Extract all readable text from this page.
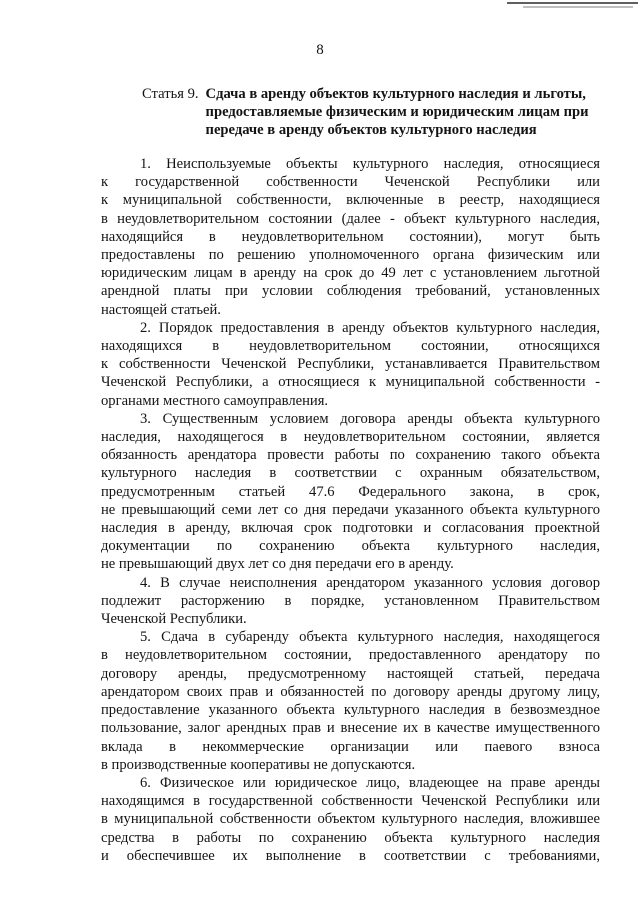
8
Статья 9. Сдача в аренду объектов культурного наследия и льготы, предоставляемые физическим и юридическим лицам при передаче в аренду объектов культурного наследия

1. Неиспользуемые объекты культурного наследия, относящиеся
к государственной собственности Чеченской Республики или
к муниципальной собственности, включенные в реестр, находящиеся
в неудовлетворительном состоянии (далее - объект культурного наследия,
находящийся в неудовлетворительном состоянии), могут быть
предоставлены по решению уполномоченного органа физическим или
юридическим лицам в аренду на срок до 49 лет с установлением льготной
арендной платы при условии соблюдения требований, установленных
настоящей статьей.

2. Порядок предоставления в аренду объектов культурного наследия,
находящихся в неудовлетворительном состоянии, относящихся
к собственности Чеченской Республики, устанавливается Правительством
Чеченской Республики, а относящиеся к муниципальной собственности -
органами местного самоуправления.

3. Существенным условием договора аренды объекта культурного
наследия, находящегося в неудовлетворительном состоянии, является
обязанность арендатора провести работы по сохранению такого объекта
культурного наследия в соответствии с охранным обязательством,
предусмотренным статьей 47.6 Федерального закона, в срок,
не превышающий семи лет со дня передачи указанного объекта культурного
наследия в аренду, включая срок подготовки и согласования проектной
документации по сохранению объекта культурного наследия,
не превышающий двух лет со дня передачи его в аренду.

4. В случае неисполнения арендатором указанного условия договор
подлежит расторжению в порядке, установленном Правительством
Чеченской Республики.

5. Сдача в субаренду объекта культурного наследия, находящегося
в неудовлетворительном состоянии, предоставленного арендатору по
договору аренды, предусмотренному настоящей статьей, передача
арендатором своих прав и обязанностей по договору аренды другому лицу,
предоставление указанного объекта культурного наследия в безвозмездное
пользование, залог арендных прав и внесение их в качестве имущественного
вклада в некоммерческие организации или паевого взноса
в производственные кооперативы не допускаются.

6. Физическое или юридическое лицо, владеющее на праве аренды
находящимся в государственной собственности Чеченской Республики или
в муниципальной собственности объектом культурного наследия, вложившее
средства в работы по сохранению объекта культурного наследия
и обеспечившее их выполнение в соответствии с требованиями,
